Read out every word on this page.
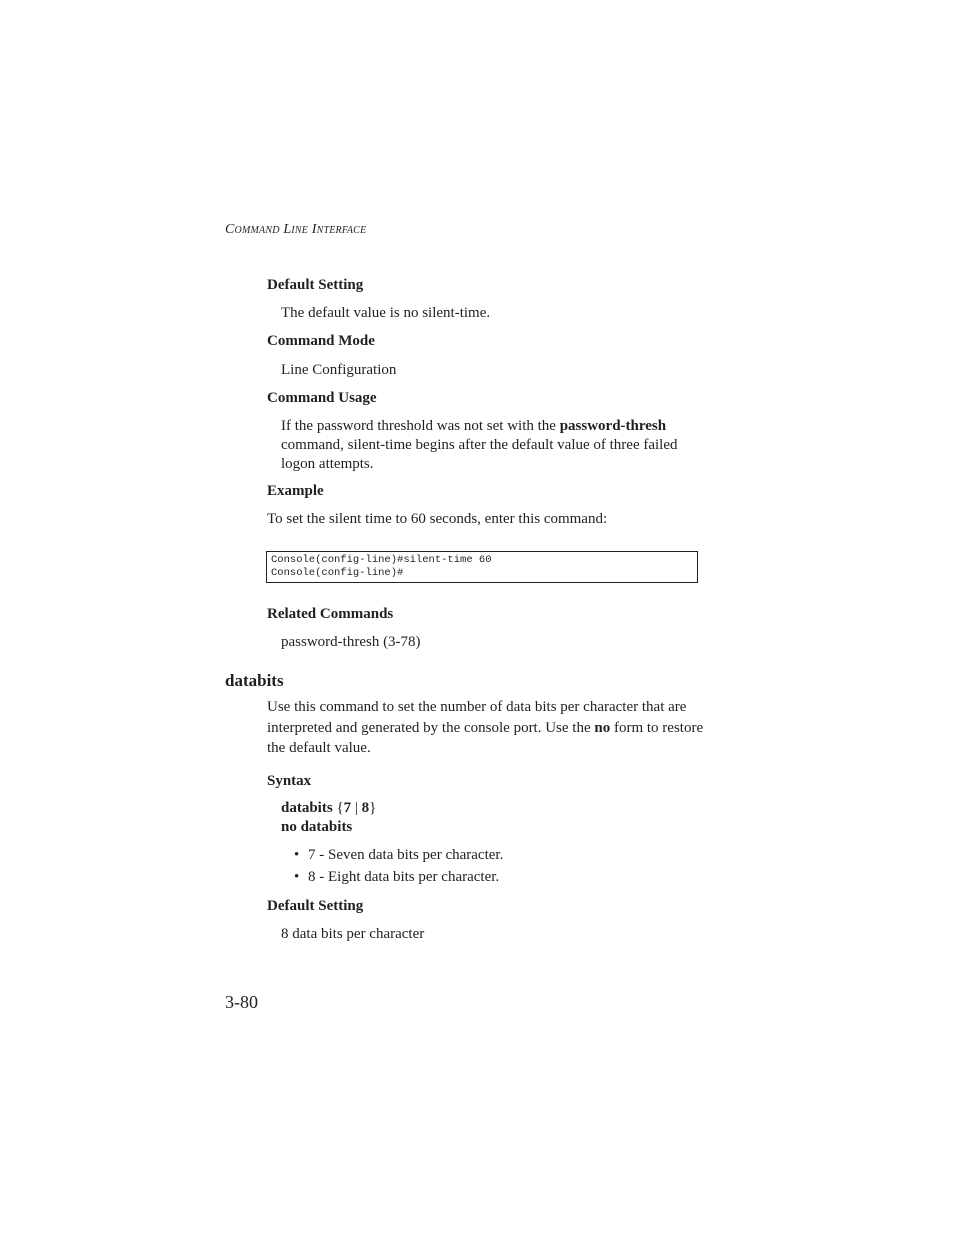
Command Line Interface
Default Setting
The default value is no silent-time.
Command Mode
Line Configuration
Command Usage
If the password threshold was not set with the password-thresh command, silent-time begins after the default value of three failed logon attempts.
Example
To set the silent time to 60 seconds, enter this command:
Console(config-line)#silent-time 60
Console(config-line)#
Related Commands
password-thresh (3-78)
databits
Use this command to set the number of data bits per character that are interpreted and generated by the console port. Use the no form to restore the default value.
Syntax
databits {7 | 8}
no databits
• 7 - Seven data bits per character.
• 8 - Eight data bits per character.
Default Setting
8 data bits per character
3-80
